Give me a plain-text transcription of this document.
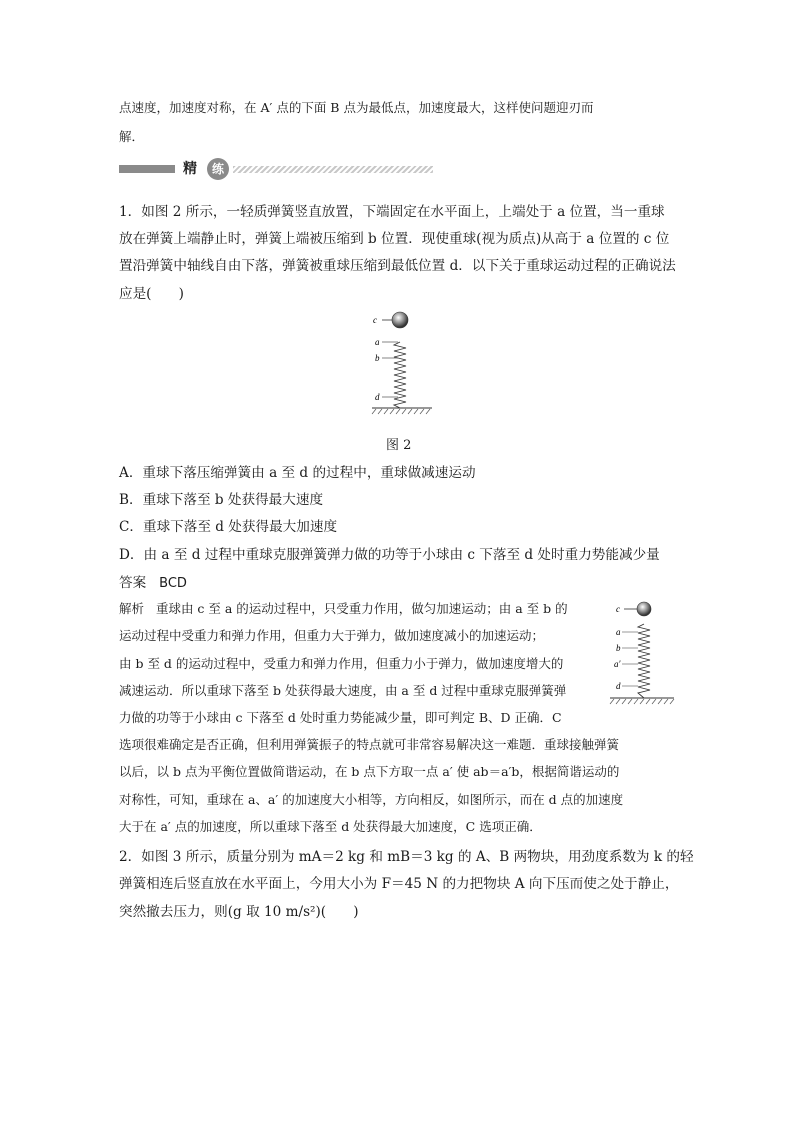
点速度，加速度对称，在 A′ 点的下面 B 点为最低点，加速度最大，这样使问题迎刃而
解．
精	练
1．如图 2 所示，一轻质弹簧竖直放置，下端固定在水平面上，上端处于 a 位置，当一重球
放在弹簧上端静止时，弹簧上端被压缩到 b 位置．现使重球(视为质点)从高于 a 位置的 c 位
置沿弹簧中轴线自由下落，弹簧被重球压缩到最低位置 d．以下关于重球运动过程的正确说法
应是(　　)
c
a
b
d
图 2
A．重球下落压缩弹簧由 a 至 d 的过程中，重球做减速运动
B．重球下落至 b 处获得最大速度
C．重球下落至 d 处获得最大加速度
D．由 a 至 d 过程中重球克服弹簧弹力做的功等于小球由 c 下落至 d 处时重力势能减少量
答案 BCD
解析 重球由 c 至 a 的运动过程中，只受重力作用，做匀加速运动；由 a 至 b 的
运动过程中受重力和弹力作用，但重力大于弹力，做加速度减小的加速运动；
由 b 至 d 的运动过程中，受重力和弹力作用，但重力小于弹力，做加速度增大的
减速运动．所以重球下落至 b 处获得最大速度，由 a 至 d 过程中重球克服弹簧弹
力做的功等于小球由 c 下落至 d 处时重力势能减少量，即可判定 B、D 正确．C
选项很难确定是否正确，但利用弹簧振子的特点就可非常容易解决这一难题．重球接触弹簧
以后，以 b 点为平衡位置做简谐运动，在 b 点下方取一点 a′ 使 ab＝a′b，根据简谐运动的
对称性，可知，重球在 a、a′ 的加速度大小相等，方向相反，如图所示，而在 d 点的加速度
大于在 a′ 点的加速度，所以重球下落至 d 处获得最大加速度，C 选项正确．
c
a
b
a′
d
2．如图 3 所示，质量分别为 mA＝2 kg 和 mB＝3 kg 的 A、B 两物块，用劲度系数为 k 的轻
弹簧相连后竖直放在水平面上，今用大小为 F＝45 N 的力把物块 A 向下压而使之处于静止，
突然撤去压力，则(g 取 10 m/s²)(　　)
